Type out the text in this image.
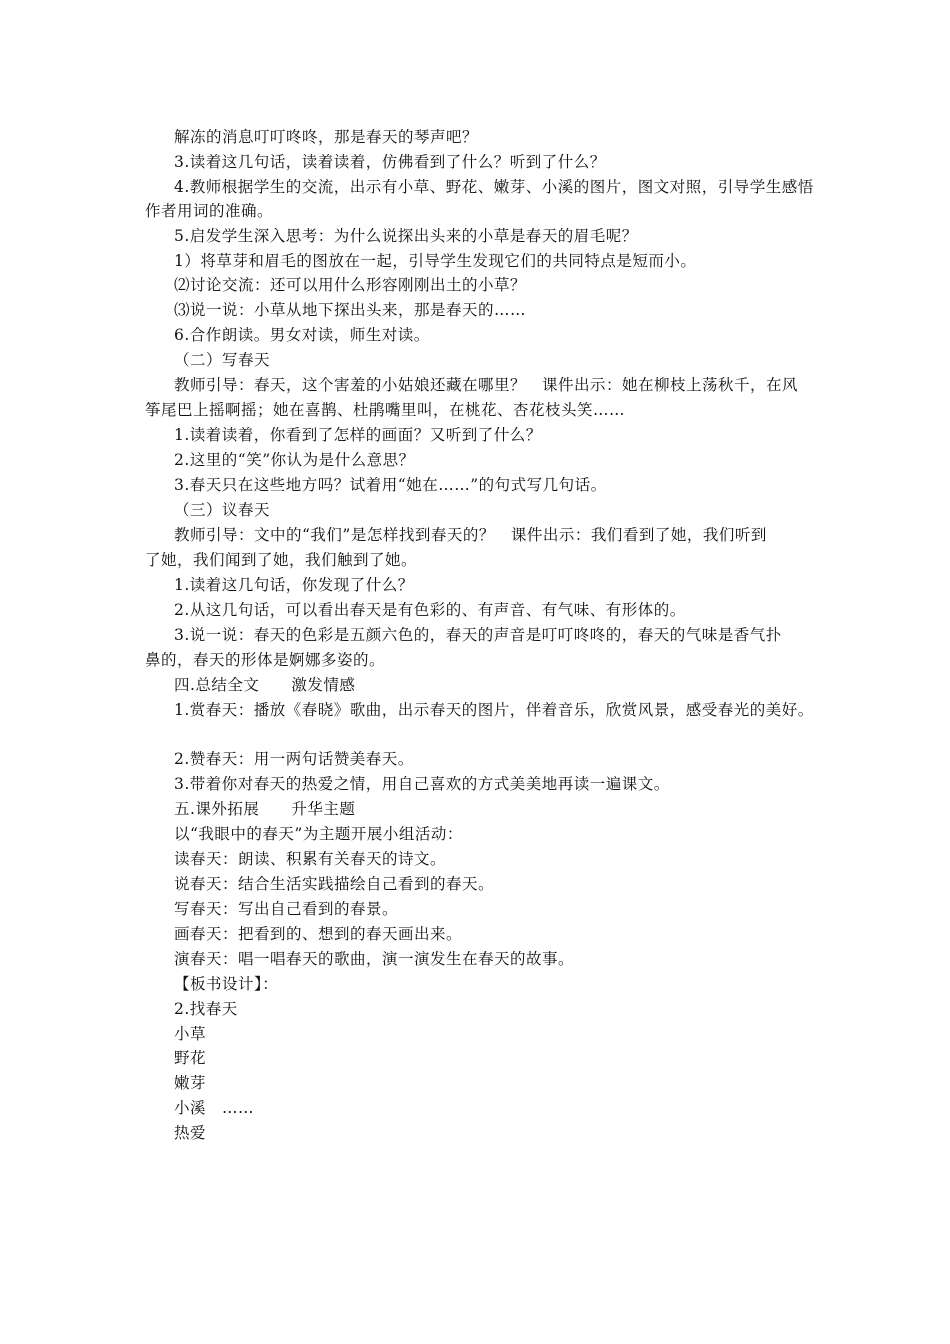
解冻的消息叮叮咚咚，那是春天的琴声吧？
3.读着这几句话，读着读着，仿佛看到了什么？听到了什么？
4.教师根据学生的交流，出示有小草、野花、嫩芽、小溪的图片，图文对照，引导学生感悟
作者用词的准确。
5.启发学生深入思考：为什么说探出头来的小草是春天的眉毛呢？
1）将草芽和眉毛的图放在一起，引导学生发现它们的共同特点是短而小。
⑵讨论交流：还可以用什么形容刚刚出土的小草？
⑶说一说：小草从地下探出头来，那是春天的……
6.合作朗读。男女对读，师生对读。
（二）写春天
教师引导：春天，这个害羞的小姑娘还藏在哪里？　课件出示：她在柳枝上荡秋千，在风
筝尾巴上摇啊摇；她在喜鹊、杜鹃嘴里叫，在桃花、杏花枝头笑……
1.读着读着，你看到了怎样的画面？又听到了什么？
2.这里的“笑”你认为是什么意思？
3.春天只在这些地方吗？试着用“她在……”的句式写几句话。
（三）议春天
教师引导：文中的“我们”是怎样找到春天的？　课件出示：我们看到了她，我们听到
了她，我们闻到了她，我们触到了她。
1.读着这几句话，你发现了什么？
2.从这几句话，可以看出春天是有色彩的、有声音、有气味、有形体的。
3.说一说：春天的色彩是五颜六色的，春天的声音是叮叮咚咚的，春天的气味是香气扑
鼻的，春天的形体是婀娜多姿的。
四.总结全文　　激发情感
1.赏春天：播放《春晓》歌曲，出示春天的图片，伴着音乐，欣赏风景，感受春光的美好。
2.赞春天：用一两句话赞美春天。
3.带着你对春天的热爱之情，用自己喜欢的方式美美地再读一遍课文。
五.课外拓展　　升华主题
以“我眼中的春天”为主题开展小组活动：
读春天：朗读、积累有关春天的诗文。
说春天：结合生活实践描绘自己看到的春天。
写春天：写出自己看到的春景。
画春天：把看到的、想到的春天画出来。
演春天：唱一唱春天的歌曲，演一演发生在春天的故事。
【板书设计】：
2.找春天
小草
野花
嫩芽
小溪　……
热爱
